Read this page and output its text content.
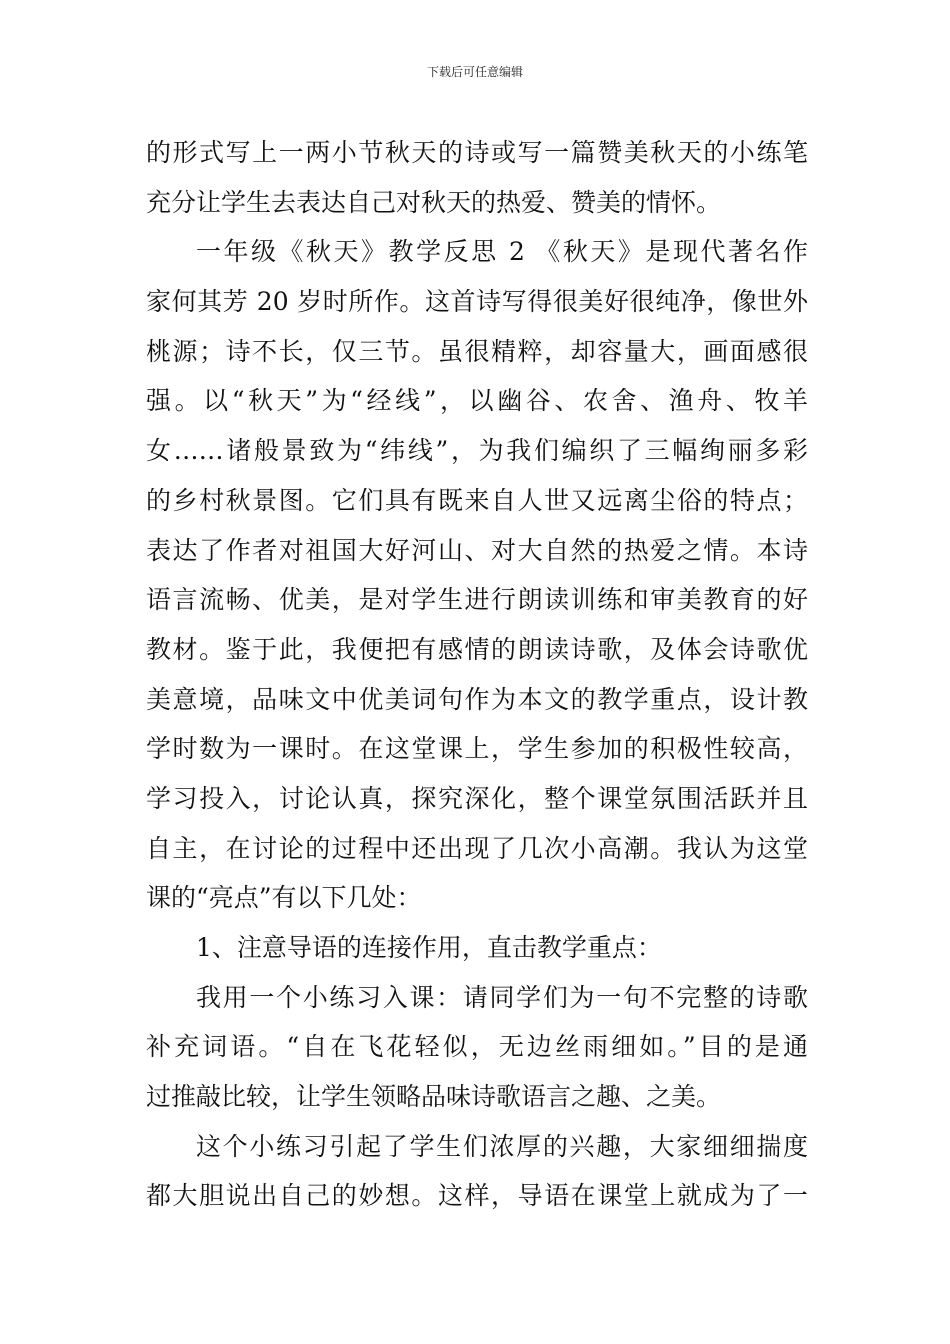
下载后可任意编辑
的形式写上一两小节秋天的诗或写一篇赞美秋天的小练笔
充分让学生去表达自己对秋天的热爱、赞美的情怀。
一年级《秋天》教学反思 2 《秋天》是现代著名作
家何其芳 20 岁时所作。这首诗写得很美好很纯净，像世外
桃源；诗不长，仅三节。虽很精粹，却容量大，画面感很
强。以“秋天”为“经线”，以幽谷、农舍、渔舟、牧羊
女……诸般景致为“纬线”，为我们编织了三幅绚丽多彩
的乡村秋景图。它们具有既来自人世又远离尘俗的特点；
表达了作者对祖国大好河山、对大自然的热爱之情。本诗
语言流畅、优美，是对学生进行朗读训练和审美教育的好
教材。鉴于此，我便把有感情的朗读诗歌，及体会诗歌优
美意境，品味文中优美词句作为本文的教学重点，设计教
学时数为一课时。在这堂课上，学生参加的积极性较高，
学习投入，讨论认真，探究深化，整个课堂氛围活跃并且
自主，在讨论的过程中还出现了几次小高潮。我认为这堂
课的“亮点”有以下几处：
1、注意导语的连接作用，直击教学重点：
我用一个小练习入课：请同学们为一句不完整的诗歌
补充词语。“自在飞花轻似，无边丝雨细如。”目的是通
过推敲比较，让学生领略品味诗歌语言之趣、之美。
这个小练习引起了学生们浓厚的兴趣，大家细细揣度
都大胆说出自己的妙想。这样，导语在课堂上就成为了一
